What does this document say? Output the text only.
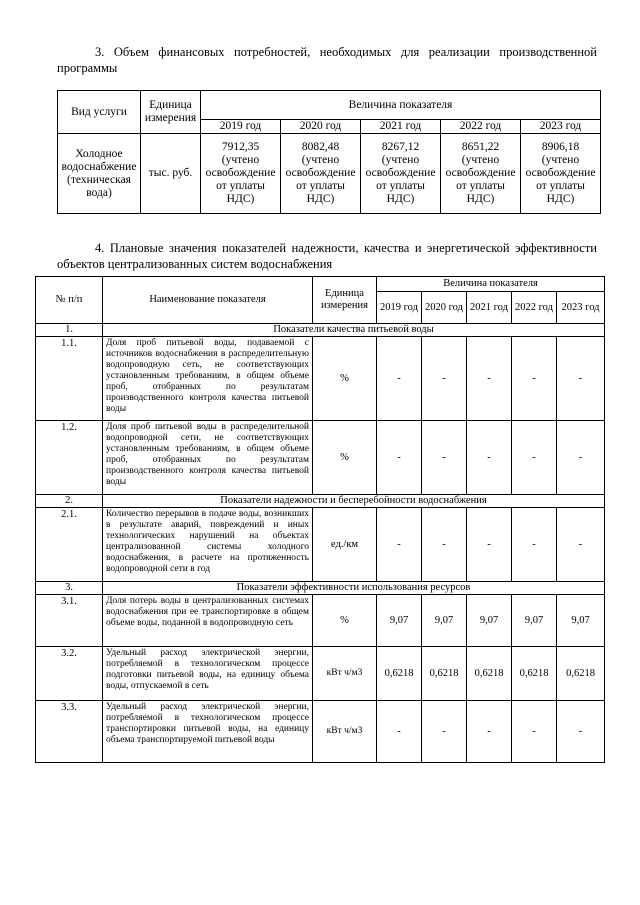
3. Объем финансовых потребностей, необходимых для реализации производственной программы
Вид услуги	Единица измерения	Величина показателя				
		2019 год	2020 год	2021 год	2022 год	2023 год
Холодное водоснабжение (техническая вода)	тыс. руб.	7912,35 (учтено освобождение от уплаты НДС)	8082,48 (учтено освобождение от уплаты НДС)	8267,12 (учтено освобождение от уплаты НДС)	8651,22 (учтено освобождение от уплаты НДС)	8906,18 (учтено освобождение от уплаты НДС)
4. Плановые значения показателей надежности, качества и энергетической эффективности объектов централизованных систем водоснабжения
№ п/п	Наименование показателя	Единица измерения	Величина показателя				
			2019 год	2020 год	2021 год	2022 год	2023 год
1.	Показатели качества питьевой воды						
1.1.	Доля проб питьевой воды, подаваемой с источников водоснабжения в распределительную водопроводную сеть, не соответствующих установленным требованиям, в общем объеме проб, отобранных по результатам производственного контроля качества питьевой воды	%	-	-	-	-	-
1.2.	Доля проб питьевой воды в распределительной водопроводной сети, не соответствующих установленным требованиям, в общем объеме проб, отобранных по результатам производственного контроля качества питьевой воды	%	-	-	-	-	-
2.	Показатели надежности и бесперебойности водоснабжения						
2.1.	Количество перерывов в подаче воды, возникших в результате аварий, повреждений и иных технологических нарушений на объектах централизованной системы холодного водоснабжения, в расчете на протяженность водопроводной сети в год	ед./км	-	-	-	-	-
3.	Показатели эффективности использования ресурсов						
3.1.	Доля потерь воды в централизованных системах водоснабжения при ее транспортировке в общем объеме воды, поданной в водопроводную сеть	%	9,07	9,07	9,07	9,07	9,07
3.2.	Удельный расход электрической энергии, потребляемой в технологическом процессе подготовки питьевой воды, на единицу объема воды, отпускаемой в сеть	кВт ч/м3	0,6218	0,6218	0,6218	0,6218	0,6218
3.3.	Удельный расход электрической энергии, потребляемой в технологическом процессе транспортировки питьевой воды, на единицу объема транспортируемой питьевой воды	кВт ч/м3	-	-	-	-	-
